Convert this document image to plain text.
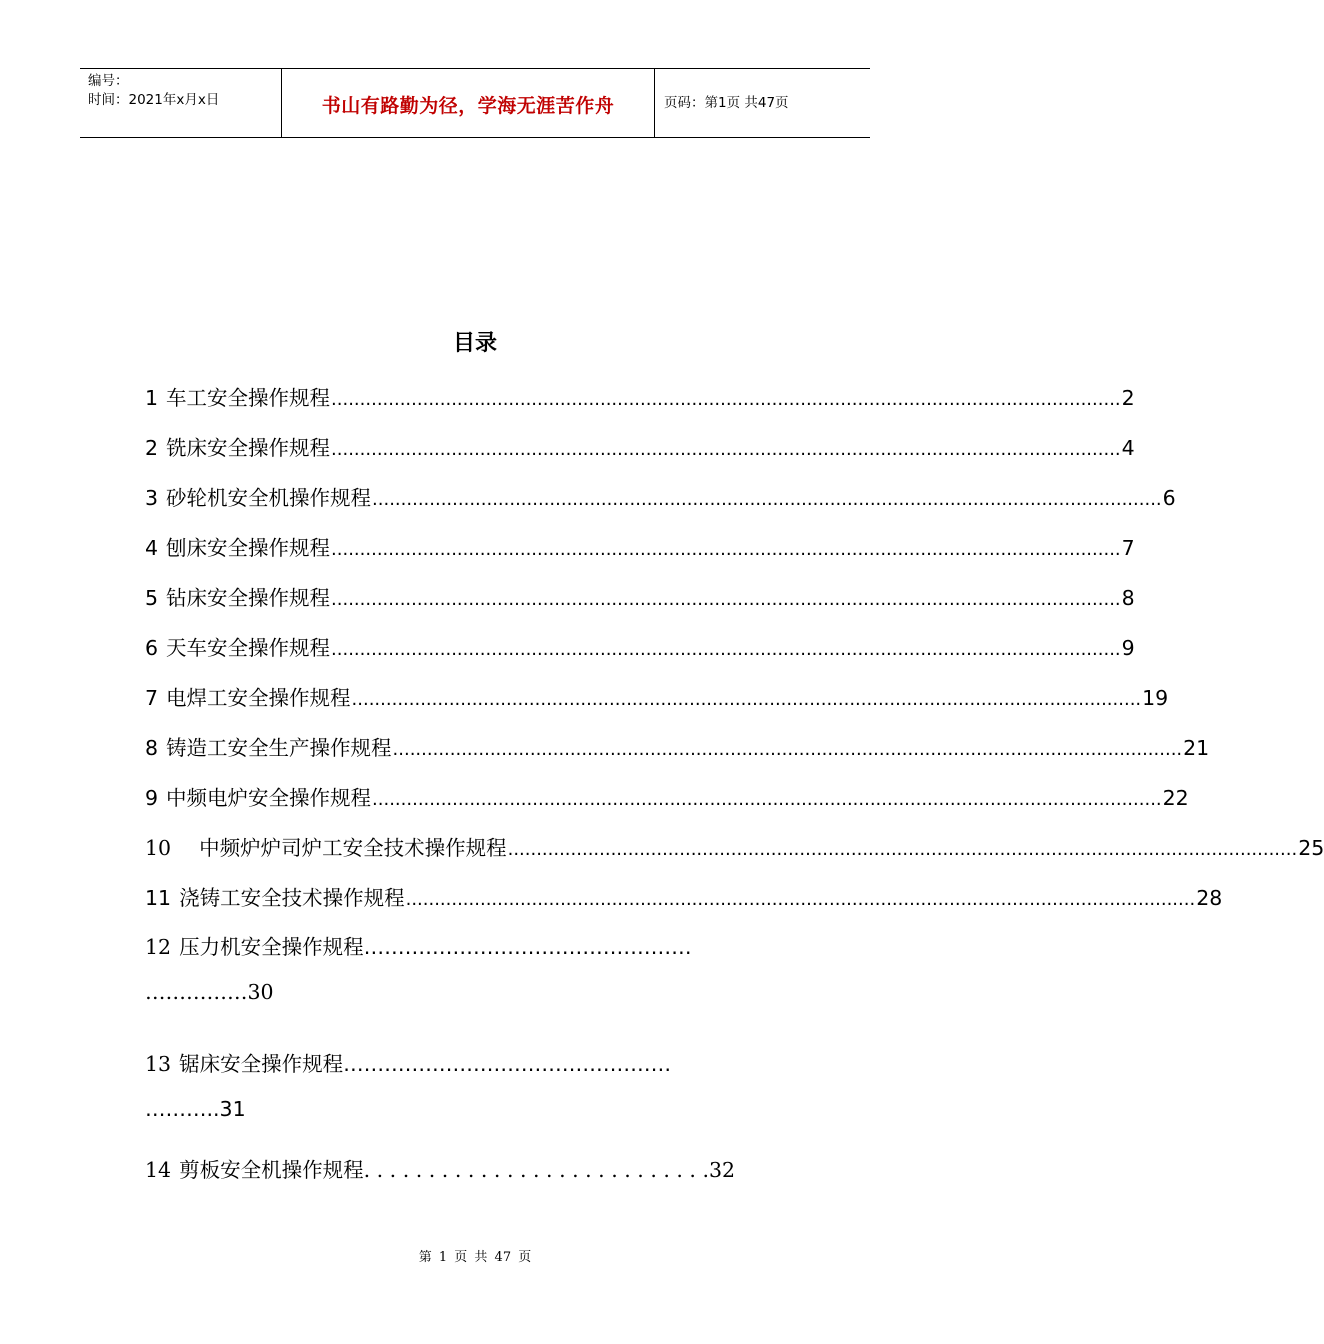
编号：
时间：2021年x月x日	书山有路勤为径，学海无涯苦作舟	页码：第1页 共47页
目录
1 车工安全操作规程 .......................................................................................................................................... 2
2 铣床安全操作规程 .......................................................................................................................................... 4
3 砂轮机安全机操作规程 .......................................................................................................................................... 6
4 刨床安全操作规程 .......................................................................................................................................... 7
5 钻床安全操作规程 .......................................................................................................................................... 8
6 天车安全操作规程 .......................................................................................................................................... 9
7 电焊工安全操作规程 .......................................................................................................................................... 19
8 铸造工安全生产操作规程 .......................................................................................................................................... 21
9 中频电炉安全操作规程 .......................................................................................................................................... 22
10 中频炉炉司炉工安全技术操作规程 .......................................................................................................................................... 25
11 浇铸工安全技术操作规程 .......................................................................................................................................... 28
12 压力机安全操作规程…………………………………………
……………30
13 锯床安全操作规程…………………………………………
………..31
14 剪板安全机操作规程. . . . . . . . . . . . . . . . . . . . . . . . . . .32
第 1 页 共 47 页
